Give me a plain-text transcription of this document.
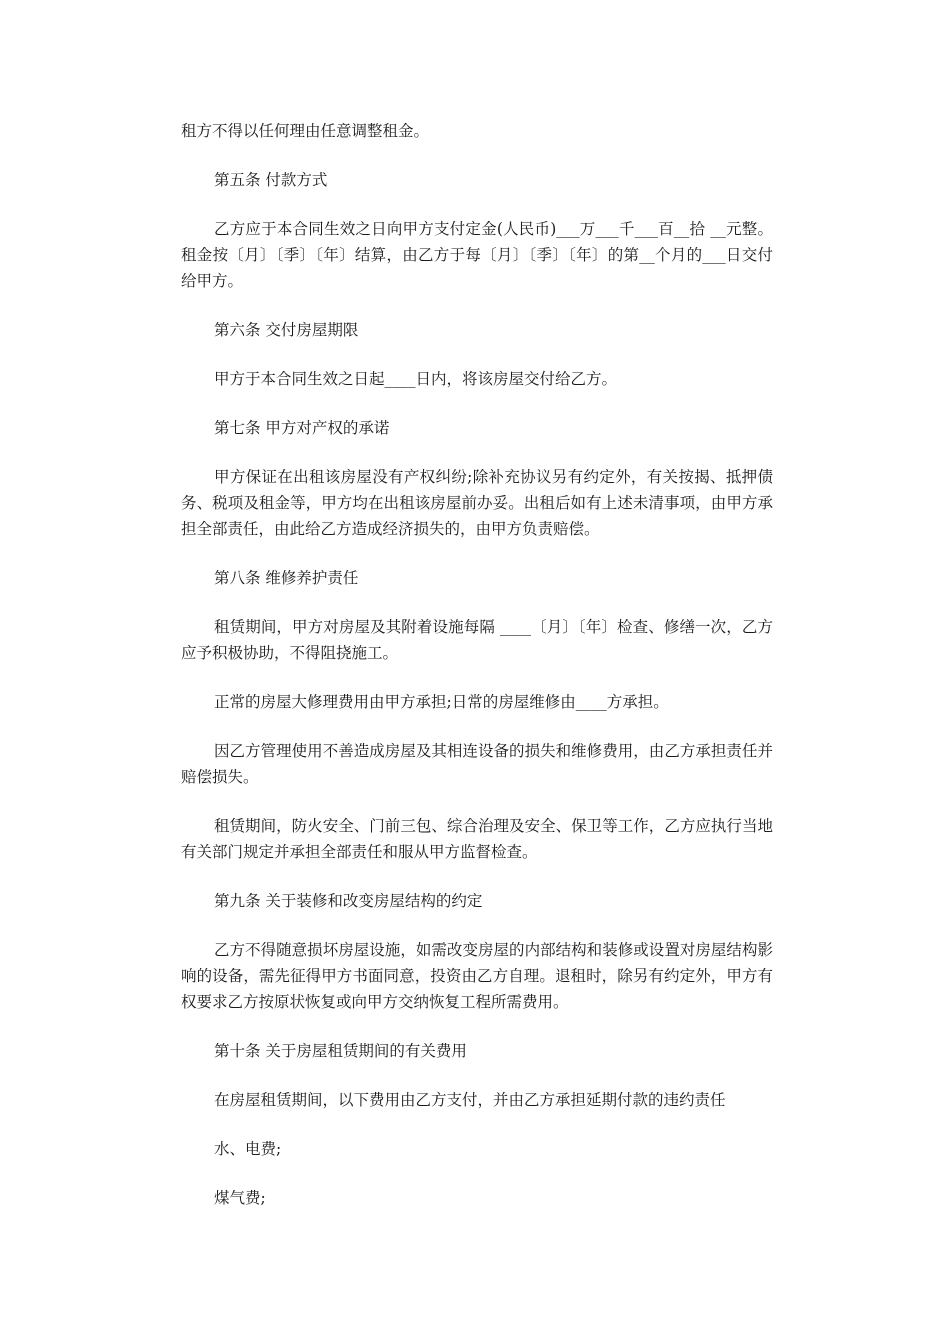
租方不得以任何理由任意调整租金。

第五条 付款方式

乙方应于本合同生效之日向甲方支付定金(人民币)___万___千___百__拾 __元整。租金按〔月〕〔季〕〔年〕结算，由乙方于每〔月〕〔季〕〔年〕的第__个月的___日交付给甲方。

第六条 交付房屋期限

甲方于本合同生效之日起____日内，将该房屋交付给乙方。

第七条 甲方对产权的承诺

甲方保证在出租该房屋没有产权纠纷;除补充协议另有约定外，有关按揭、抵押债务、税项及租金等，甲方均在出租该房屋前办妥。出租后如有上述未清事项，由甲方承担全部责任，由此给乙方造成经济损失的，由甲方负责赔偿。

第八条 维修养护责任

租赁期间，甲方对房屋及其附着设施每隔 ____〔月〕〔年〕检查、修缮一次，乙方应予积极协助，不得阻挠施工。

正常的房屋大修理费用由甲方承担;日常的房屋维修由____方承担。

因乙方管理使用不善造成房屋及其相连设备的损失和维修费用，由乙方承担责任并赔偿损失。

租赁期间，防火安全、门前三包、综合治理及安全、保卫等工作，乙方应执行当地有关部门规定并承担全部责任和服从甲方监督检查。

第九条 关于装修和改变房屋结构的约定

乙方不得随意损坏房屋设施，如需改变房屋的内部结构和装修或设置对房屋结构影响的设备，需先征得甲方书面同意，投资由乙方自理。退租时，除另有约定外，甲方有权要求乙方按原状恢复或向甲方交纳恢复工程所需费用。

第十条 关于房屋租赁期间的有关费用

在房屋租赁期间，以下费用由乙方支付，并由乙方承担延期付款的违约责任

水、电费;

煤气费;
